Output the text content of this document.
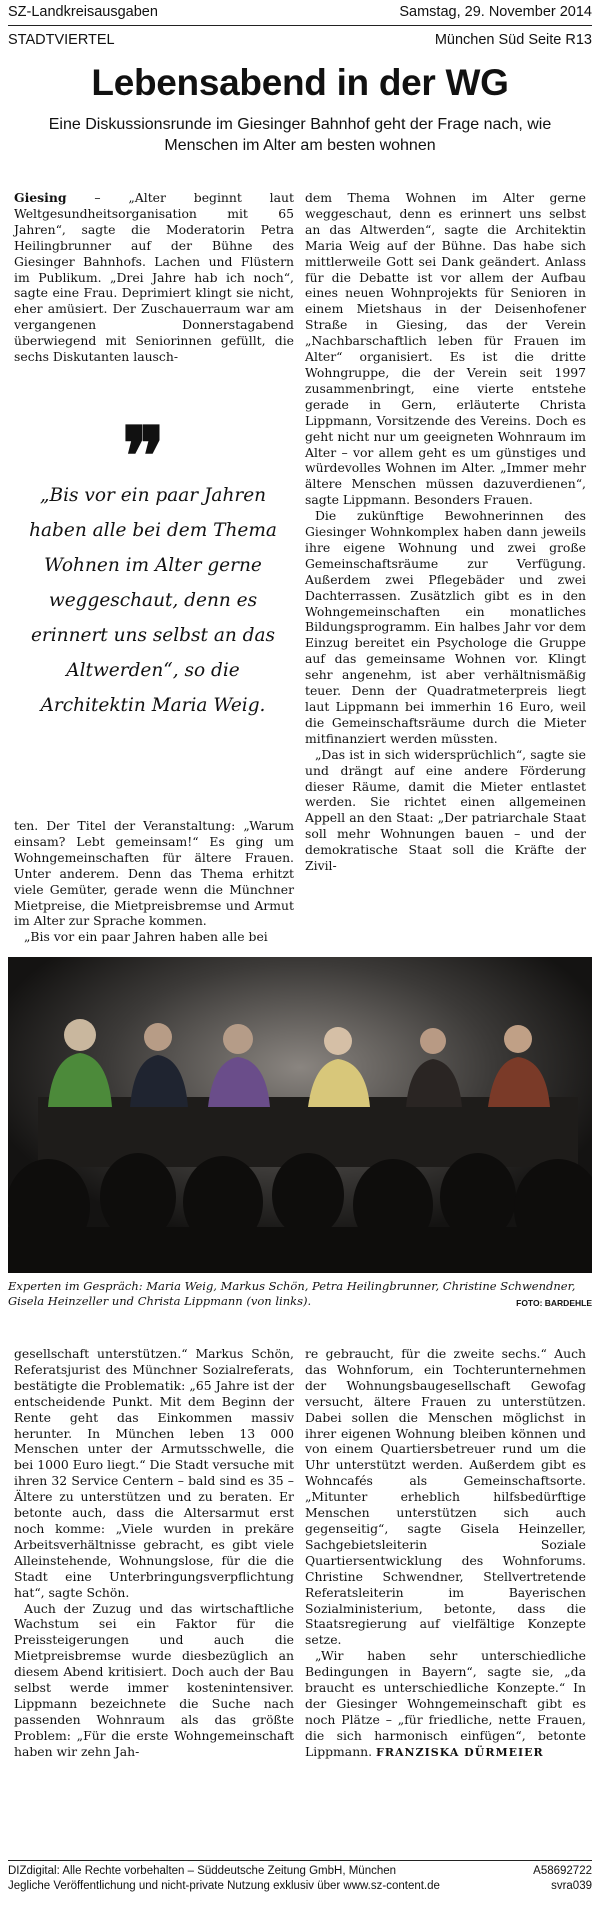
SZ-Landkreisausgaben	Samstag, 29. November 2014
STADTVIERTEL	München Süd Seite R13
Lebensabend in der WG
Eine Diskussionsrunde im Giesinger Bahnhof geht der Frage nach, wie Menschen im Alter am besten wohnen

Giesing – „Alter beginnt laut Weltgesundheitsorganisation mit 65 Jahren“, sagte die Moderatorin Petra Heilingbrunner auf der Bühne des Giesinger Bahnhofs. Lachen und Flüstern im Publikum. „Drei Jahre hab ich noch“, sagte eine Frau. Deprimiert klingt sie nicht, eher amüsiert. Der Zuschauerraum war am vergangenen Donnerstagabend überwiegend mit Seniorinnen gefüllt, die sechs Diskutanten lausch-

❞
„Bis vor ein paar Jahren haben alle bei dem Thema Wohnen im Alter gerne weggeschaut, denn es erinnert uns selbst an das Altwerden“, so die Architektin Maria Weig.

ten. Der Titel der Veranstaltung: „Warum einsam? Lebt gemeinsam!“ Es ging um Wohngemeinschaften für ältere Frauen. Unter anderem. Denn das Thema erhitzt viele Gemüter, gerade wenn die Münchner Mietpreise, die Mietpreisbremse und Armut im Alter zur Sprache kommen.

„Bis vor ein paar Jahren haben alle bei

dem Thema Wohnen im Alter gerne weggeschaut, denn es erinnert uns selbst an das Altwerden“, sagte die Architektin Maria Weig auf der Bühne. Das habe sich mittlerweile Gott sei Dank geändert. Anlass für die Debatte ist vor allem der Aufbau eines neuen Wohnprojekts für Senioren in einem Mietshaus in der Deisenhofener Straße in Giesing, das der Verein „Nachbarschaftlich leben für Frauen im Alter“ organisiert. Es ist die dritte Wohngruppe, die der Verein seit 1997 zusammenbringt, eine vierte entstehe gerade in Gern, erläuterte Christa Lippmann, Vorsitzende des Vereins. Doch es geht nicht nur um geeigneten Wohnraum im Alter – vor allem geht es um günstiges und würdevolles Wohnen im Alter. „Immer mehr ältere Menschen müssen dazuverdienen“, sagte Lippmann. Besonders Frauen.

Die zukünftige Bewohnerinnen des Giesinger Wohnkomplex haben dann jeweils ihre eigene Wohnung und zwei große Gemeinschaftsräume zur Verfügung. Außerdem zwei Pflegebäder und zwei Dachterrassen. Zusätzlich gibt es in den Wohngemeinschaften ein monatliches Bildungsprogramm. Ein halbes Jahr vor dem Einzug bereitet ein Psychologe die Gruppe auf das gemeinsame Wohnen vor. Klingt sehr angenehm, ist aber verhältnismäßig teuer. Denn der Quadratmeterpreis liegt laut Lippmann bei immerhin 16 Euro, weil die Gemeinschaftsräume durch die Mieter mitfinanziert werden müssten.

„Das ist in sich widersprüchlich“, sagte sie und drängt auf eine andere Förderung dieser Räume, damit die Mieter entlastet werden. Sie richtet einen allgemeinen Appell an den Staat: „Der patriarchale Staat soll mehr Wohnungen bauen – und der demokratische Staat soll die Kräfte der Zivil-

Experten im Gespräch: Maria Weig, Markus Schön, Petra Heilingbrunner, Christine Schwendner, Gisela Heinzeller und Christa Lippmann (von links).	FOTO: BARDEHLE

gesellschaft unterstützen.“ Markus Schön, Referatsjurist des Münchner Sozialreferats, bestätigte die Problematik: „65 Jahre ist der entscheidende Punkt. Mit dem Beginn der Rente geht das Einkommen massiv herunter. In München leben 13 000 Menschen unter der Armutsschwelle, die bei 1000 Euro liegt.“ Die Stadt versuche mit ihren 32 Service Centern – bald sind es 35 – Ältere zu unterstützen und zu beraten. Er betonte auch, dass die Altersarmut erst noch komme: „Viele wurden in prekäre Arbeitsverhältnisse gebracht, es gibt viele Alleinstehende, Wohnungslose, für die die Stadt eine Unterbringungsverpflichtung hat“, sagte Schön.

Auch der Zuzug und das wirtschaftliche Wachstum sei ein Faktor für die Preissteigerungen und auch die Mietpreisbremse wurde diesbezüglich an diesem Abend kritisiert. Doch auch der Bau selbst werde immer kostenintensiver. Lippmann bezeichnete die Suche nach passenden Wohnraum als das größte Problem: „Für die erste Wohngemeinschaft haben wir zehn Jah-

re gebraucht, für die zweite sechs.“ Auch das Wohnforum, ein Tochterunternehmen der Wohnungsbaugesellschaft Gewofag versucht, ältere Frauen zu unterstützen. Dabei sollen die Menschen möglichst in ihrer eigenen Wohnung bleiben können und von einem Quartiersbetreuer rund um die Uhr unterstützt werden. Außerdem gibt es Wohncafés als Gemeinschaftsorte. „Mitunter erheblich hilfsbedürftige Menschen unterstützen sich auch gegenseitig“, sagte Gisela Heinzeller, Sachgebietsleiterin Soziale Quartiersentwicklung des Wohnforums. Christine Schwendner, Stellvertretende Referatsleiterin im Bayerischen Sozialministerium, betonte, dass die Staatsregierung auf vielfältige Konzepte setze.

„Wir haben sehr unterschiedliche Bedingungen in Bayern“, sagte sie, „da braucht es unterschiedliche Konzepte.“ In der Giesinger Wohngemeinschaft gibt es noch Plätze – „für friedliche, nette Frauen, die sich harmonisch einfügen“, betonte Lippmann. FRANZISKA DÜRMEIER

DIZdigital: Alle Rechte vorbehalten – Süddeutsche Zeitung GmbH, München	A58692722
Jegliche Veröffentlichung und nicht-private Nutzung exklusiv über www.sz-content.de	svra039
